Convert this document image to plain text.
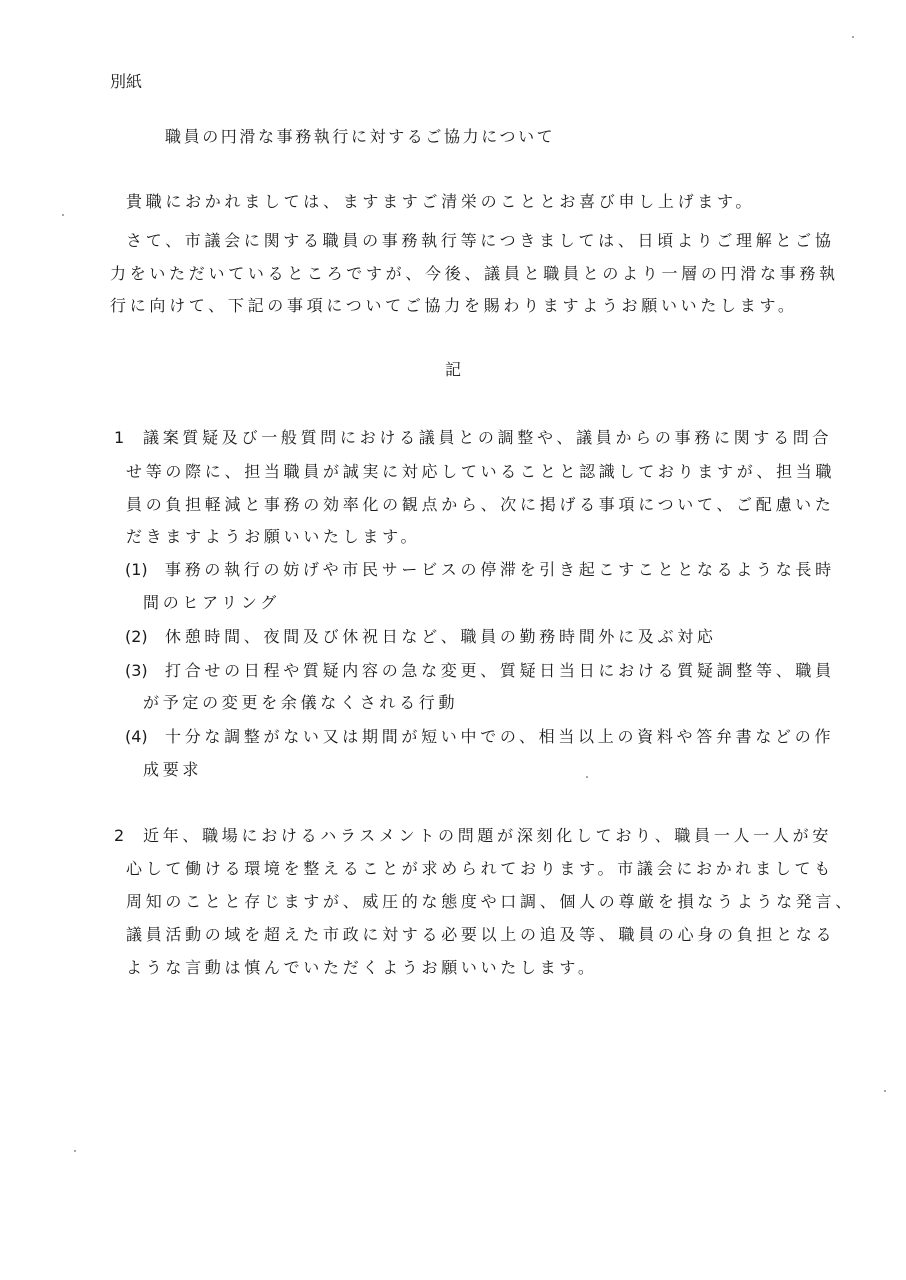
別紙
職員の円滑な事務執行に対するご協力について
貴職におかれましては、ますますご清栄のこととお喜び申し上げます。
さて、市議会に関する職員の事務執行等につきましては、日頃よりご理解とご協
力をいただいているところですが、今後、議員と職員とのより一層の円滑な事務執
行に向けて、下記の事項についてご協力を賜わりますようお願いいたします。
記
1 議案質疑及び一般質問における議員との調整や、議員からの事務に関する問合
せ等の際に、担当職員が誠実に対応していることと認識しておりますが、担当職
員の負担軽減と事務の効率化の観点から、次に掲げる事項について、ご配慮いた
だきますようお願いいたします。
(1) 事務の執行の妨げや市民サービスの停滞を引き起こすこととなるような長時
間のヒアリング
(2) 休憩時間、夜間及び休祝日など、職員の勤務時間外に及ぶ対応
(3) 打合せの日程や質疑内容の急な変更、質疑日当日における質疑調整等、職員
が予定の変更を余儀なくされる行動
(4) 十分な調整がない又は期間が短い中での、相当以上の資料や答弁書などの作
成要求
2 近年、職場におけるハラスメントの問題が深刻化しており、職員一人一人が安
心して働ける環境を整えることが求められております。市議会におかれましても
周知のことと存じますが、威圧的な態度や口調、個人の尊厳を損なうような発言、
議員活動の域を超えた市政に対する必要以上の追及等、職員の心身の負担となる
ような言動は慎んでいただくようお願いいたします。
